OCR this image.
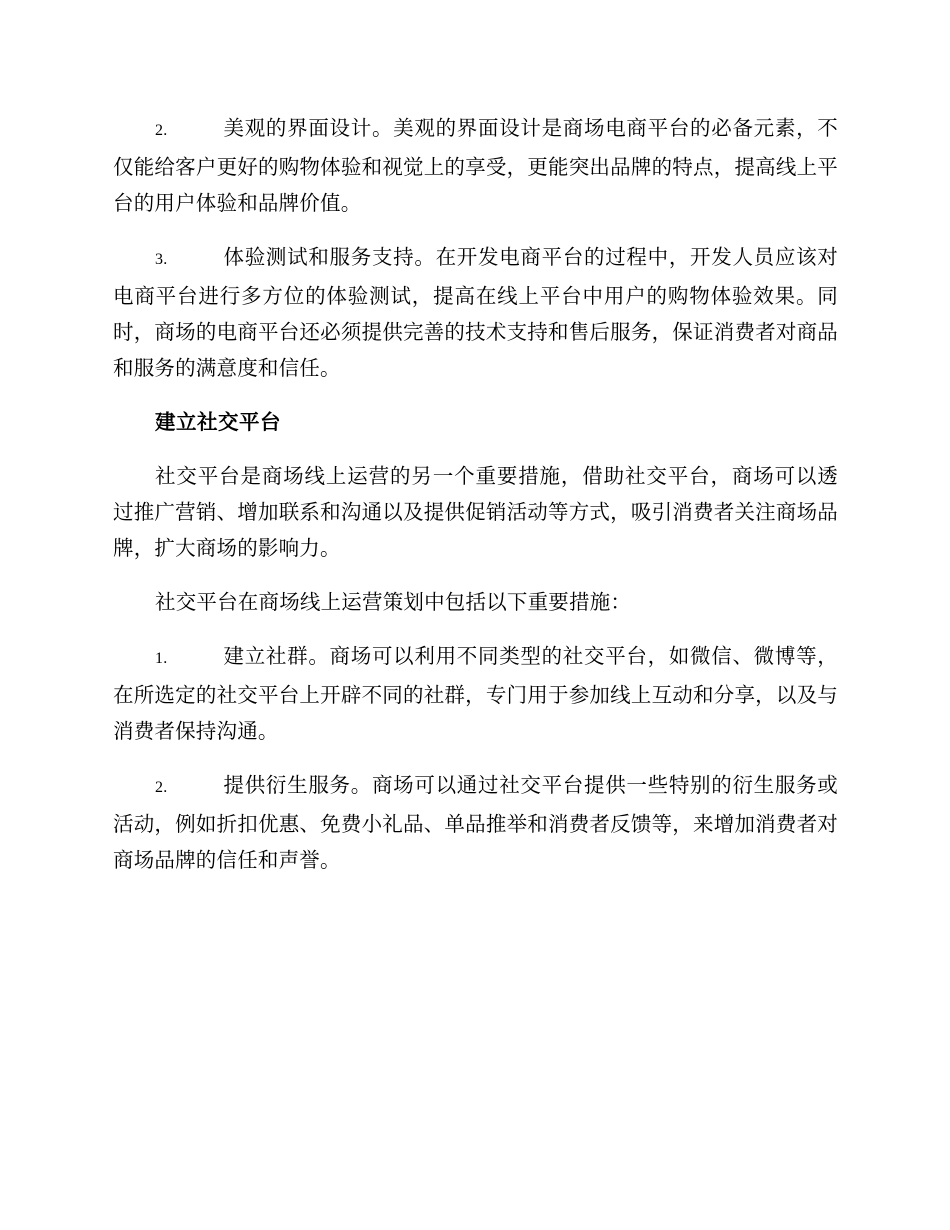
2.	美观的界面设计。美观的界面设计是商场电商平台的必备元素，不仅能给客户更好的购物体验和视觉上的享受，更能突出品牌的特点，提高线上平台的用户体验和品牌价值。

3.	体验测试和服务支持。在开发电商平台的过程中，开发人员应该对电商平台进行多方位的体验测试，提高在线上平台中用户的购物体验效果。同时，商场的电商平台还必须提供完善的技术支持和售后服务，保证消费者对商品和服务的满意度和信任。

建立社交平台

社交平台是商场线上运营的另一个重要措施，借助社交平台，商场可以透过推广营销、增加联系和沟通以及提供促销活动等方式，吸引消费者关注商场品牌，扩大商场的影响力。

社交平台在商场线上运营策划中包括以下重要措施：

1.	建立社群。商场可以利用不同类型的社交平台，如微信、微博等，在所选定的社交平台上开辟不同的社群，专门用于参加线上互动和分享，以及与消费者保持沟通。

2.	提供衍生服务。商场可以通过社交平台提供一些特别的衍生服务或活动，例如折扣优惠、免费小礼品、单品推举和消费者反馈等，来增加消费者对商场品牌的信任和声誉。
